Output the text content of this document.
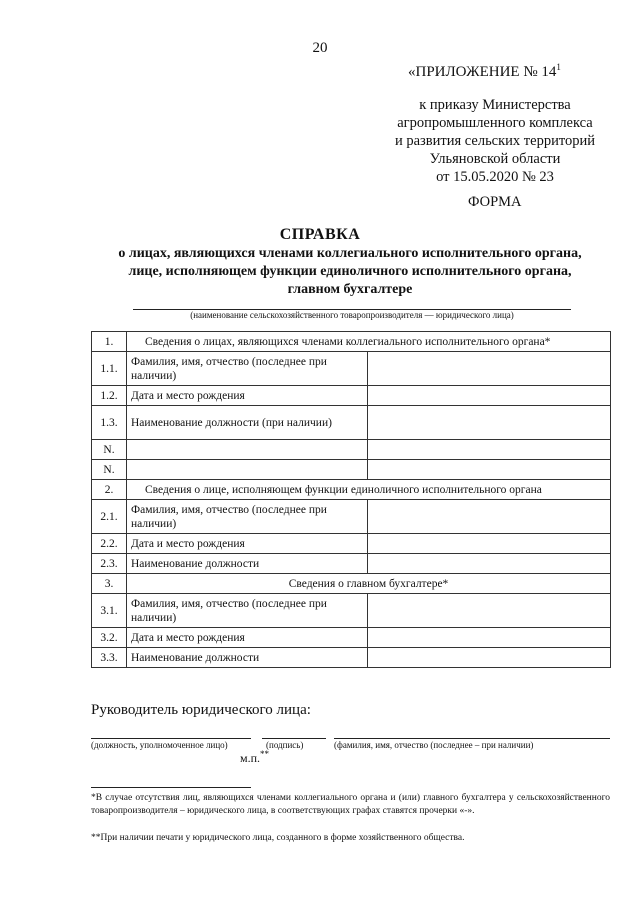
20
«ПРИЛОЖЕНИЕ № $14^1$
к приказу Министерства
агропромышленного комплекса
и развития сельских территорий
Ульяновской области
от 15.05.2020 № 23
ФОРМА
СПРАВКА
о лицах, являющихся членами коллегиального исполнительного органа,
лице, исполняющем функции единоличного исполнительного органа,
главном бухгалтере
(наименование сельскохозяйственного товаропроизводителя — юридического лица)
1.	Сведения о лицах, являющихся членами коллегиального исполнительного органа*	
1.1.	Фамилия, имя, отчество (последнее при наличии)	
1.2.	Дата и место рождения	
1.3.	Наименование должности (при наличии)	
N.		
N.		
2.	Сведения о лице, исполняющем функции единоличного исполнительного органа	
2.1.	Фамилия, имя, отчество (последнее при наличии)	
2.2.	Дата и место рождения	
2.3.	Наименование должности	
3.	Сведения о главном бухгалтере*	
3.1.	Фамилия, имя, отчество (последнее при наличии)	
3.2.	Дата и место рождения	
3.3.	Наименование должности	
Руководитель юридического лица:
(должность, уполномоченное лицо)	(подпись)	(фамилия, имя, отчество (последнее – при наличии)
м.п.**
*В случае отсутствия лиц, являющихся членами коллегиального органа и (или) главного бухгалтера у сельскохозяйственного товаропроизводителя – юридического лица, в соответствующих графах ставятся прочерки «-».
**При наличии печати у юридического лица, созданного в форме хозяйственного общества.
